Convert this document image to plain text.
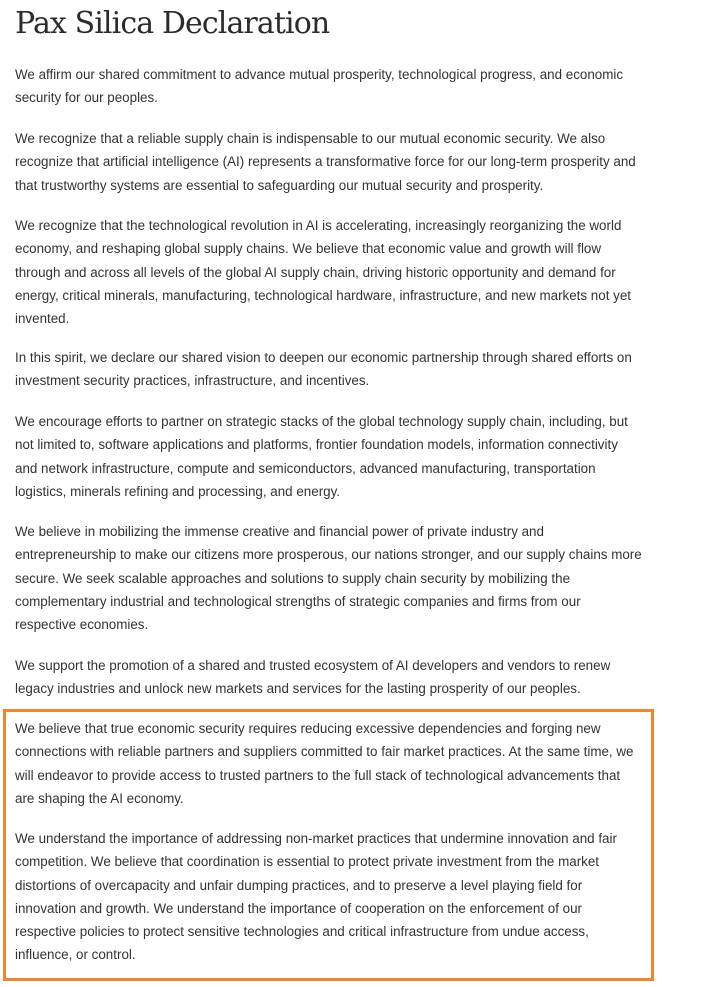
Pax Silica Declaration

We affirm our shared commitment to advance mutual prosperity, technological progress, and economic security for our peoples.

We recognize that a reliable supply chain is indispensable to our mutual economic security. We also recognize that artificial intelligence (AI) represents a transformative force for our long-term prosperity and that trustworthy systems are essential to safeguarding our mutual security and prosperity.

We recognize that the technological revolution in AI is accelerating, increasingly reorganizing the world economy, and reshaping global supply chains. We believe that economic value and growth will flow through and across all levels of the global AI supply chain, driving historic opportunity and demand for energy, critical minerals, manufacturing, technological hardware, infrastructure, and new markets not yet invented.

In this spirit, we declare our shared vision to deepen our economic partnership through shared efforts on investment security practices, infrastructure, and incentives.

We encourage efforts to partner on strategic stacks of the global technology supply chain, including, but not limited to, software applications and platforms, frontier foundation models, information connectivity and network infrastructure, compute and semiconductors, advanced manufacturing, transportation logistics, minerals refining and processing, and energy.

We believe in mobilizing the immense creative and financial power of private industry and entrepreneurship to make our citizens more prosperous, our nations stronger, and our supply chains more secure. We seek scalable approaches and solutions to supply chain security by mobilizing the complementary industrial and technological strengths of strategic companies and firms from our respective economies.

We support the promotion of a shared and trusted ecosystem of AI developers and vendors to renew legacy industries and unlock new markets and services for the lasting prosperity of our peoples.

We believe that true economic security requires reducing excessive dependencies and forging new connections with reliable partners and suppliers committed to fair market practices. At the same time, we will endeavor to provide access to trusted partners to the full stack of technological advancements that are shaping the AI economy.

We understand the importance of addressing non-market practices that undermine innovation and fair competition. We believe that coordination is essential to protect private investment from the market distortions of overcapacity and unfair dumping practices, and to preserve a level playing field for innovation and growth. We understand the importance of cooperation on the enforcement of our respective policies to protect sensitive technologies and critical infrastructure from undue access, influence, or control.
